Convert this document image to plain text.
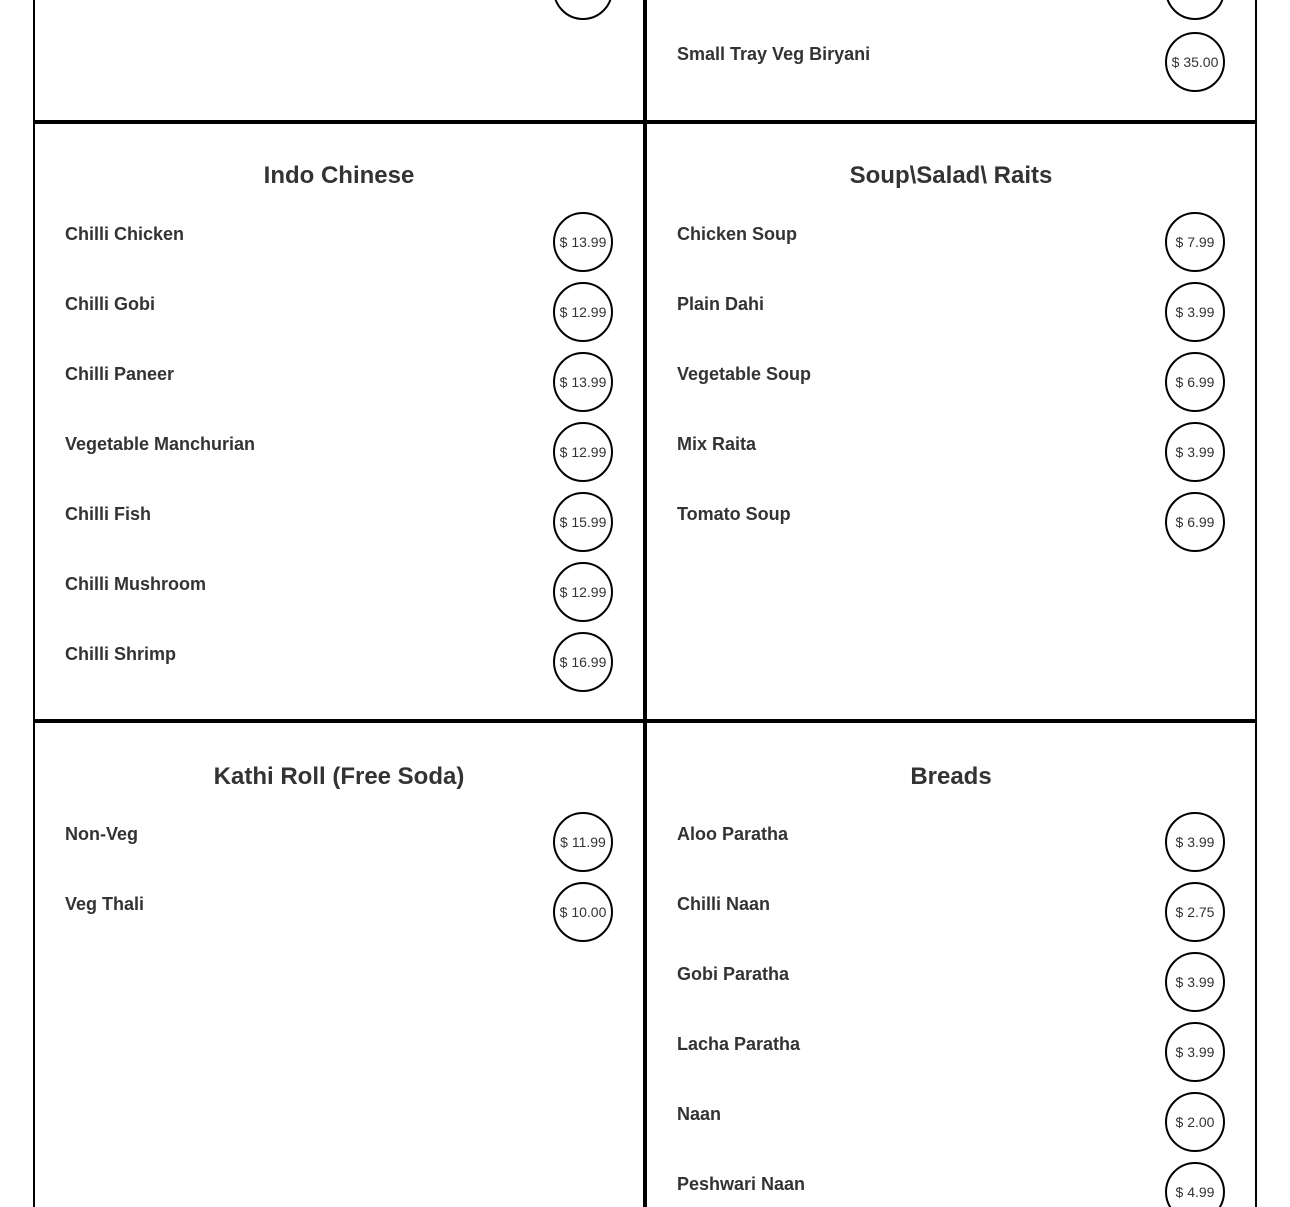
Small Tray Veg Biryani	$ 35.00
Indo Chinese
Chilli Chicken	$ 13.99
Chilli Gobi	$ 12.99
Chilli Paneer	$ 13.99
Vegetable Manchurian	$ 12.99
Chilli Fish	$ 15.99
Chilli Mushroom	$ 12.99
Chilli Shrimp	$ 16.99
Soup\Salad\ Raits
Chicken Soup	$ 7.99
Plain Dahi	$ 3.99
Vegetable Soup	$ 6.99
Mix Raita	$ 3.99
Tomato Soup	$ 6.99
Kathi Roll (Free Soda)
Non-Veg	$ 11.99
Veg Thali	$ 10.00
Breads
Aloo Paratha	$ 3.99
Chilli Naan	$ 2.75
Gobi Paratha	$ 3.99
Lacha Paratha	$ 3.99
Naan	$ 2.00
Peshwari Naan	$ 4.99
